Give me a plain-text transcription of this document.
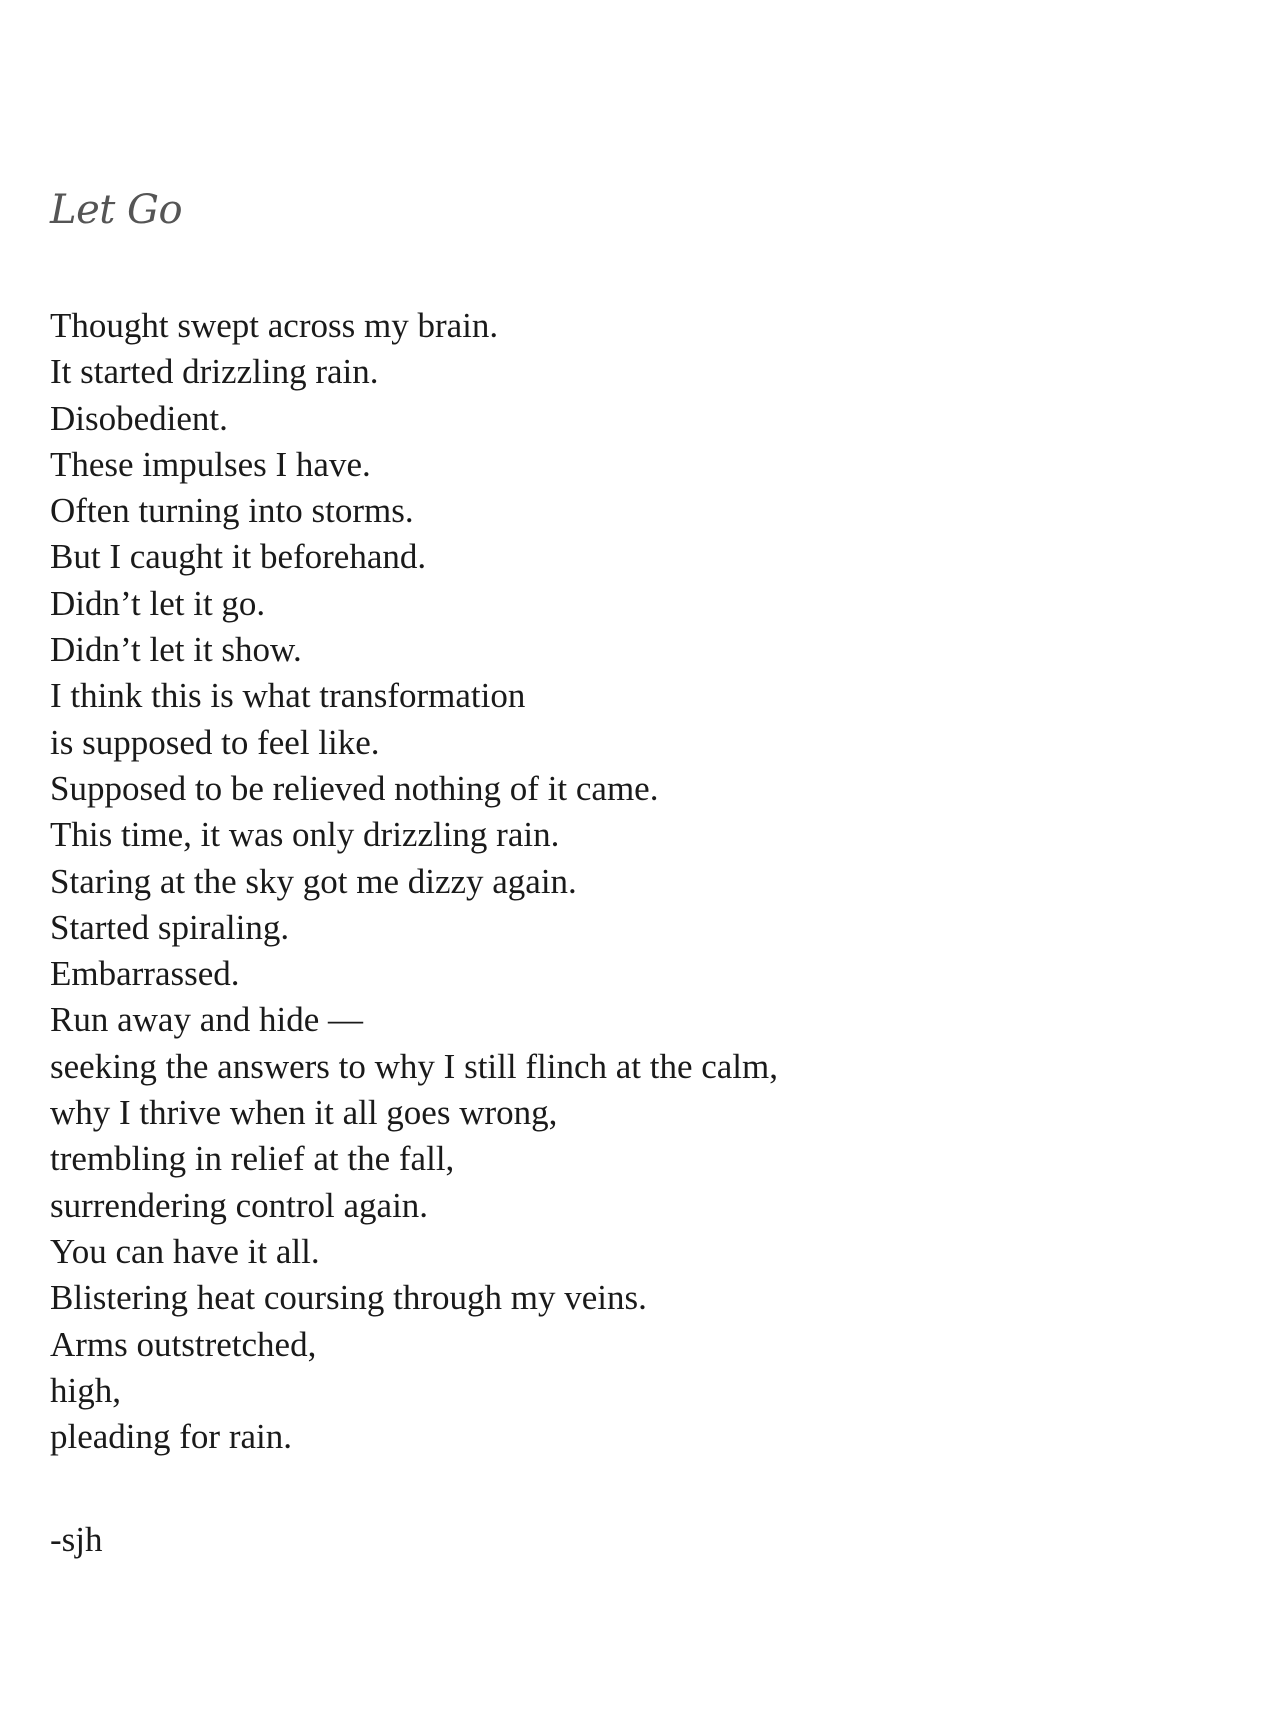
Let Go
Thought swept across my brain.
It started drizzling rain.
Disobedient.
These impulses I have.
Often turning into storms.
But I caught it beforehand.
Didn’t let it go.
Didn’t let it show.
I think this is what transformation
is supposed to feel like.
Supposed to be relieved nothing of it came.
This time, it was only drizzling rain.
Staring at the sky got me dizzy again.
Started spiraling.
Embarrassed.
Run away and hide —
seeking the answers to why I still flinch at the calm,
why I thrive when it all goes wrong,
trembling in relief at the fall,
surrendering control again.
You can have it all.
Blistering heat coursing through my veins.
Arms outstretched,
high,
pleading for rain.

-sjh
